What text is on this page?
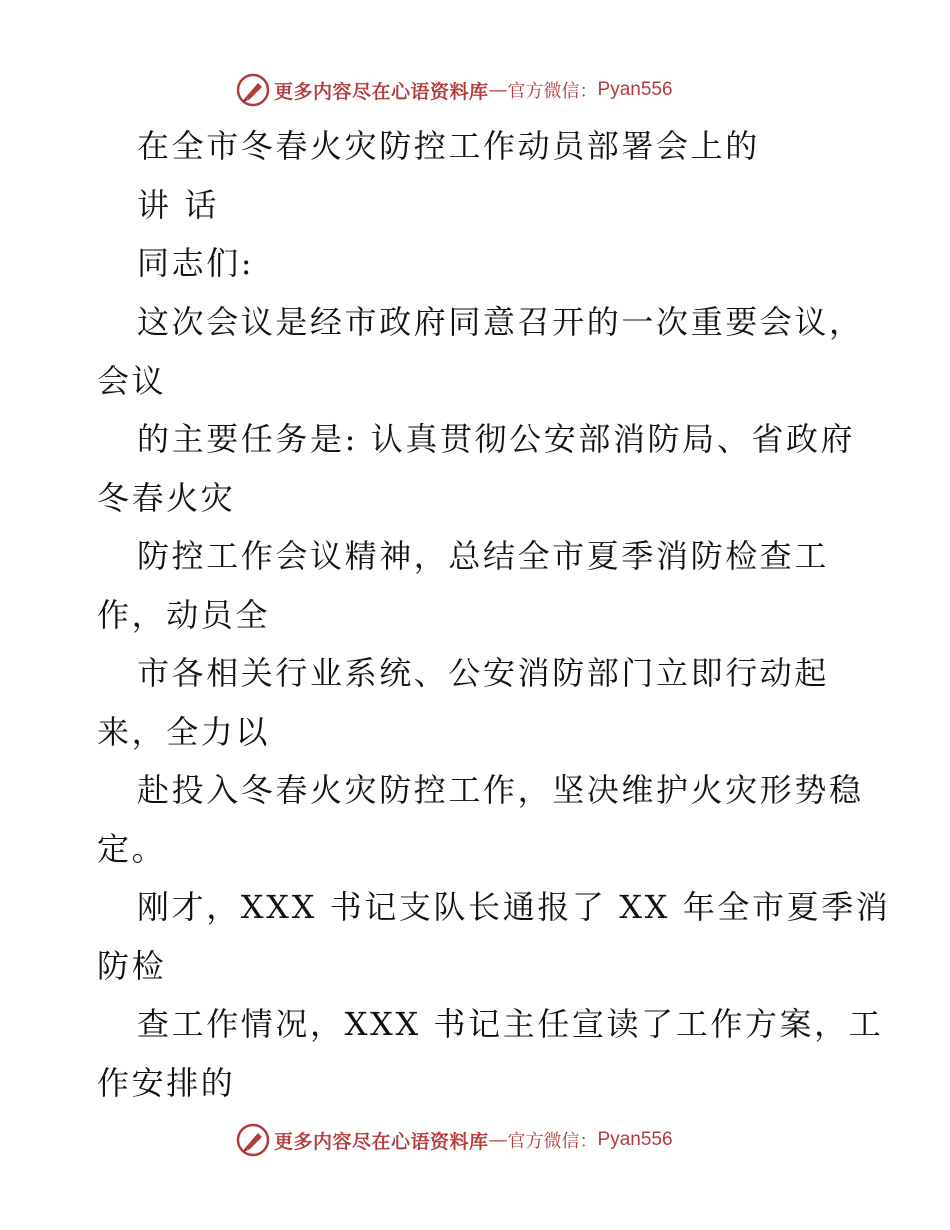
更多内容尽在心语资料库 — 官方微信： Pyan556
在全市冬春火灾防控工作动员部署会上的
讲 话
同志们:
这次会议是经市政府同意召开的一次重要会议，
会议
的主要任务是: 认真贯彻公安部消防局、省政府
冬春火灾
防控工作会议精神，总结全市夏季消防检查工
作，动员全
市各相关行业系统、公安消防部门立即行动起
来，全力以
赴投入冬春火灾防控工作，坚决维护火灾形势稳
定。
刚才，XXX 书记支队长通报了 XX 年全市夏季消
防检
查工作情况，XXX 书记主任宣读了工作方案，工
作安排的
更多内容尽在心语资料库 — 官方微信： Pyan556
